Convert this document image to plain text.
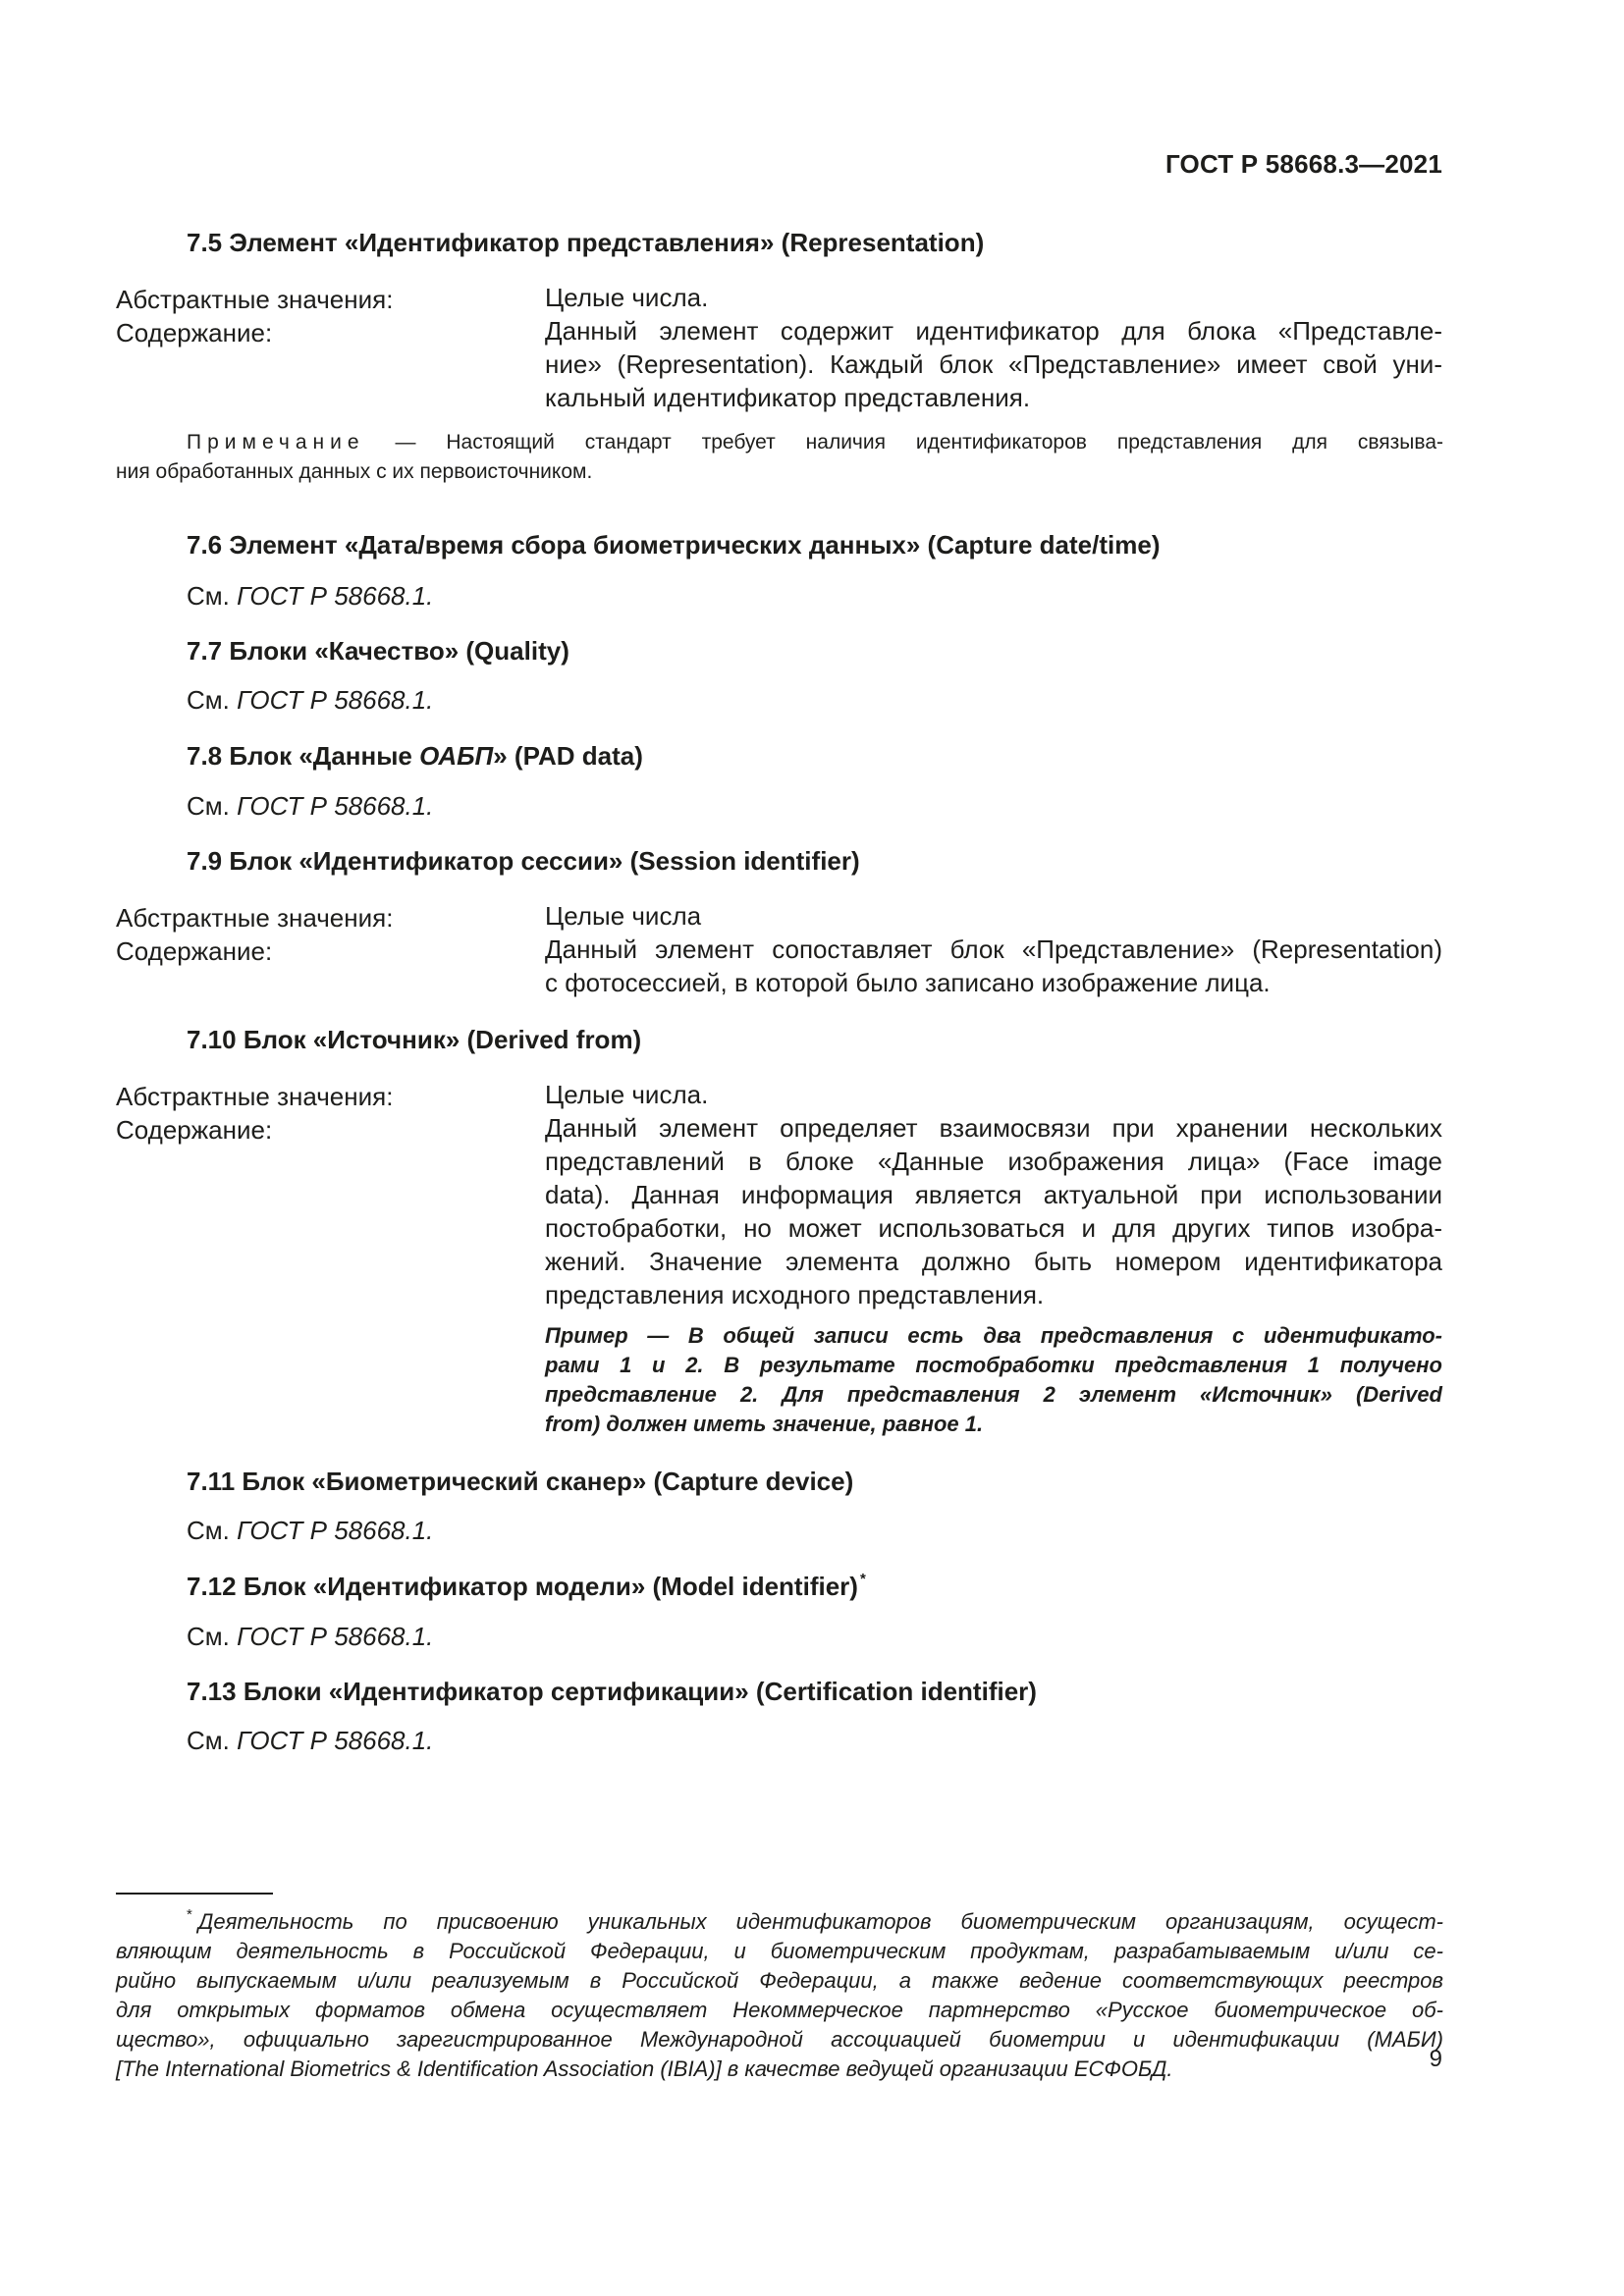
ГОСТ Р 58668.3—2021
7.5 Элемент «Идентификатор представления» (Representation)
Абстрактные значения:	Целые числа.
Содержание:	Данный элемент содержит идентификатор для блока «Представле-
ние» (Representation). Каждый блок «Представление» имеет свой уни-
кальный идентификатор представления.
Примечание — Настоящий стандарт требует наличия идентификаторов представления для связыва-
ния обработанных данных с их первоисточником.
7.6 Элемент «Дата/время сбора биометрических данных» (Capture date/time)
См. ГОСТ Р 58668.1.
7.7 Блоки «Качество» (Quality)
См. ГОСТ Р 58668.1.
7.8 Блок «Данные ОАБП» (PAD data)
См. ГОСТ Р 58668.1.
7.9 Блок «Идентификатор сессии» (Session identifier)
Абстрактные значения:	Целые числа
Содержание:	Данный элемент сопоставляет блок «Представление» (Representation)
с фотосессией, в которой было записано изображение лица.
7.10 Блок «Источник» (Derived from)
Абстрактные значения:	Целые числа.
Содержание:	Данный элемент определяет взаимосвязи при хранении нескольких
представлений в блоке «Данные изображения лица» (Face image
data). Данная информация является актуальной при использовании
постобработки, но может использоваться и для других типов изобра-
жений. Значение элемента должно быть номером идентификатора
представления исходного представления.
Пример — В общей записи есть два представления с идентификато-
рами 1 и 2. В результате постобработки представления 1 получено
представление 2. Для представления 2 элемент «Источник» (Derived
from) должен иметь значение, равное 1.
7.11 Блок «Биометрический сканер» (Capture device)
См. ГОСТ Р 58668.1.
7.12 Блок «Идентификатор модели» (Model identifier) *
См. ГОСТ Р 58668.1.
7.13 Блоки «Идентификатор сертификации» (Certification identifier)
См. ГОСТ Р 58668.1.
* Деятельность по присвоению уникальных идентификаторов биометрическим организациям, осущест-
вляющим деятельность в Российской Федерации, и биометрическим продуктам, разрабатываемым и/или се-
рийно выпускаемым и/или реализуемым в Российской Федерации, а также ведение соответствующих реестров
для открытых форматов обмена осуществляет Некоммерческое партнерство «Русское биометрическое об-
щество», официально зарегистрированное Международной ассоциацией биометрии и идентификации (МАБИ)
[The International Biometrics & Identification Association (IBIA)] в качестве ведущей организации ЕСФОБД.	9
